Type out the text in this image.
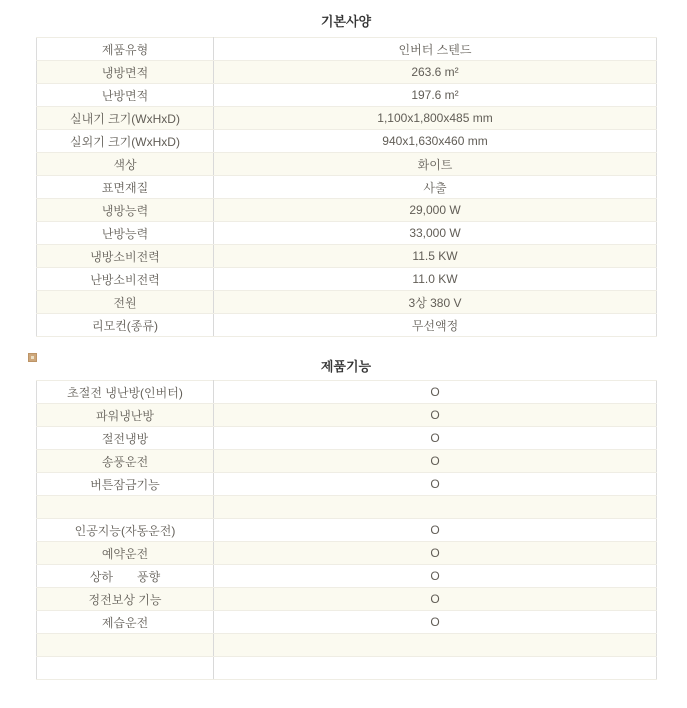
기본사양
제품유형	인버터 스텐드
냉방면적	263.6 m²
난방면적	197.6 m²
실내기 크기(WxHxD)	1,100x1,800x485 mm
실외기 크기(WxHxD)	940x1,630x460 mm
색상	화이트
표면재질	사출
냉방능력	29,000 W
난방능력	33,000 W
냉방소비전력	11.5 KW
난방소비전력	11.0 KW
전원	3상 380 V
리모컨(종류)	무선액정
제품기능
초절전 냉난방(인버터)	O
파워냉난방	O
절전냉방	O
송풍운전	O
버튼잠금기능	O

인공지능(자동운전)	O
예약운전	O
상하　　풍향	O
정전보상 기능	O
제습운전	O
